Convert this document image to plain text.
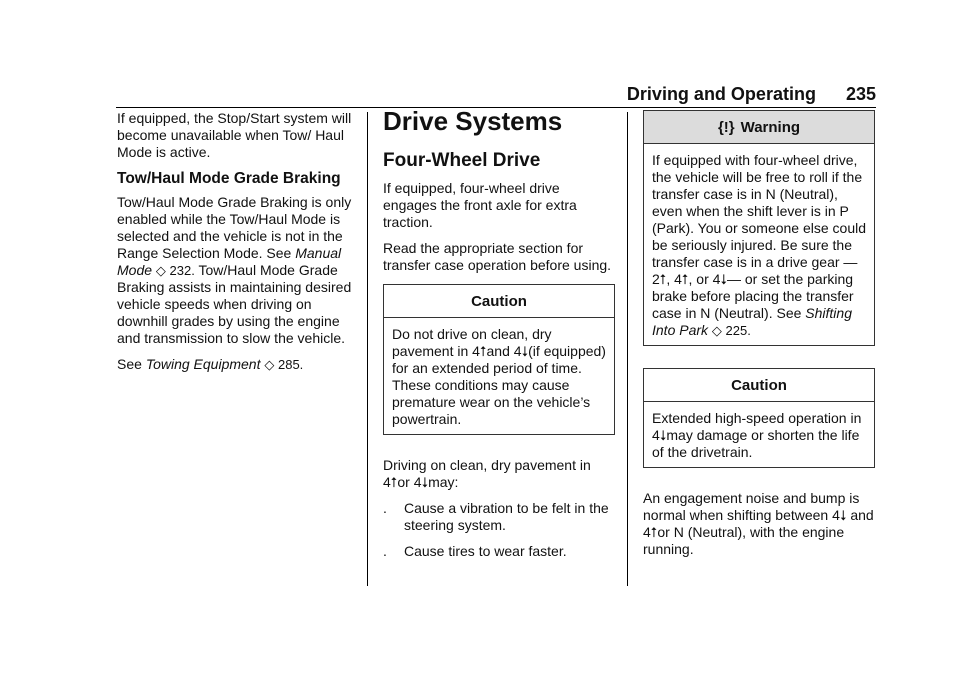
Driving and Operating 235

If equipped, the Stop/Start system will become unavailable when Tow/ Haul Mode is active.

Tow/Haul Mode Grade Braking

Tow/Haul Mode Grade Braking is only enabled while the Tow/Haul Mode is selected and the vehicle is not in the Range Selection Mode. See Manual Mode ◇ 232. Tow/Haul Mode Grade Braking assists in maintaining desired vehicle speeds when driving on downhill grades by using the engine and transmission to slow the vehicle.

See Towing Equipment ◇ 285.

Drive Systems
Four-Wheel Drive

If equipped, four-wheel drive engages the front axle for extra traction.

Read the appropriate section for transfer case operation before using.

Caution

Do not drive on clean, dry pavement in 4⭡and 4⭣(if equipped) for an extended period of time. These conditions may cause premature wear on the vehicle’s powertrain.

Driving on clean, dry pavement in 4⭡or 4⭣may:

.	Cause a vibration to be felt in the steering system.
.	Cause tires to wear faster.
{!} Warning

If equipped with four-wheel drive, the vehicle will be free to roll if the transfer case is in N (Neutral), even when the shift lever is in P (Park). You or someone else could be seriously injured. Be sure the transfer case is in a drive gear — 2⭡, 4⭡, or 4⭣— or set the parking brake before placing the transfer case in N (Neutral). See Shifting Into Park ◇ 225.

Caution

Extended high-speed operation in 4⭣may damage or shorten the life of the drivetrain.

An engagement noise and bump is normal when shifting between 4⭣ and 4⭡or N (Neutral), with the engine running.
